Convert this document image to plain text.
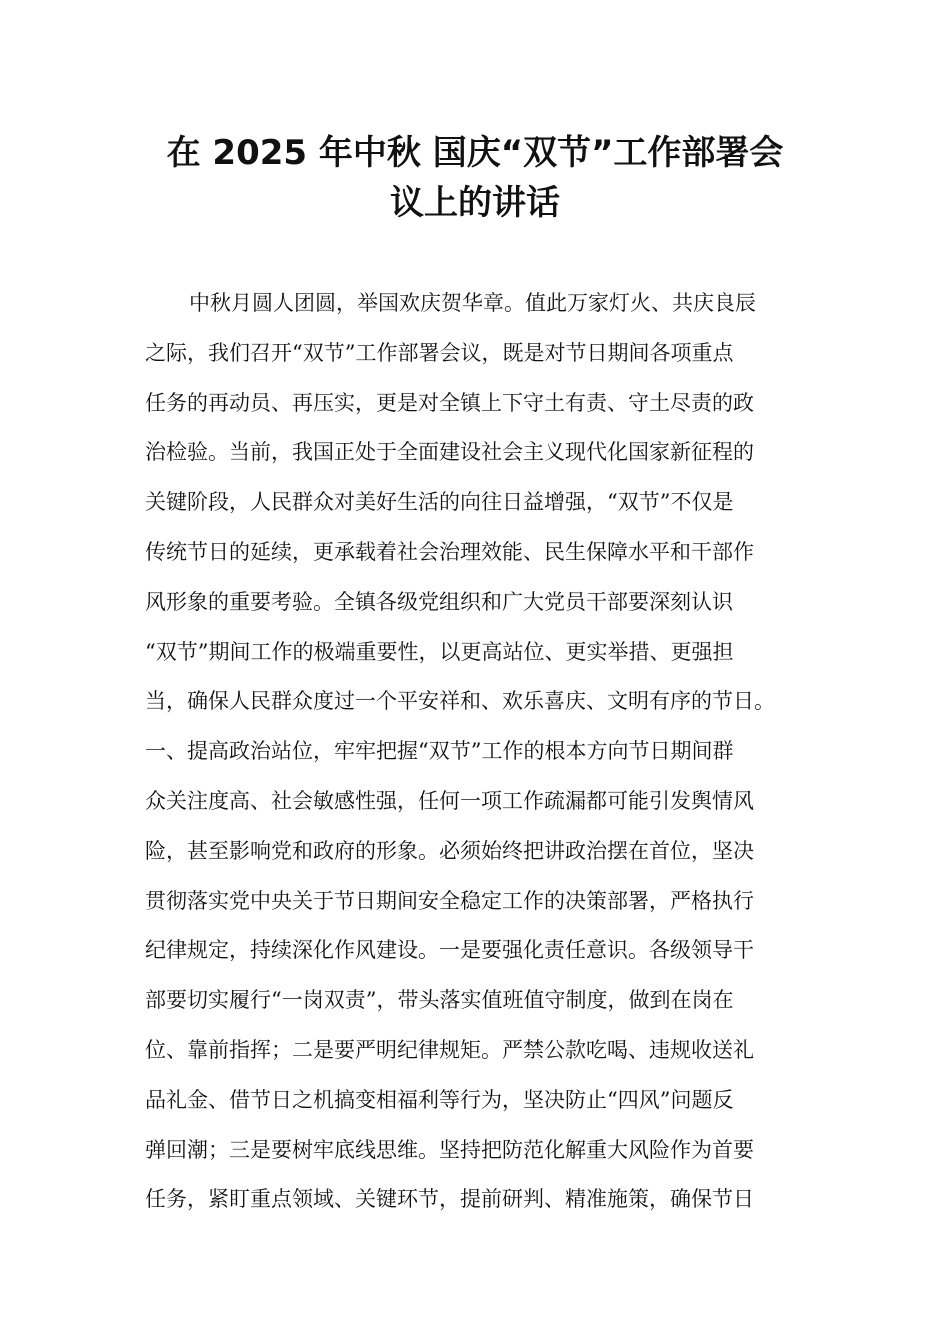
在 2025 年中秋 国庆“双节”工作部署会
议上的讲话
中秋月圆人团圆，举国欢庆贺华章。值此万家灯火、共庆良辰
之际，我们召开“双节”工作部署会议，既是对节日期间各项重点
任务的再动员、再压实，更是对全镇上下守土有责、守土尽责的政
治检验。当前，我国正处于全面建设社会主义现代化国家新征程的
关键阶段，人民群众对美好生活的向往日益增强，“双节”不仅是
传统节日的延续，更承载着社会治理效能、民生保障水平和干部作
风形象的重要考验。全镇各级党组织和广大党员干部要深刻认识
“双节”期间工作的极端重要性，以更高站位、更实举措、更强担
当，确保人民群众度过一个平安祥和、欢乐喜庆、文明有序的节日。
一、提高政治站位，牢牢把握“双节”工作的根本方向节日期间群
众关注度高、社会敏感性强，任何一项工作疏漏都可能引发舆情风
险，甚至影响党和政府的形象。必须始终把讲政治摆在首位，坚决
贯彻落实党中央关于节日期间安全稳定工作的决策部署，严格执行
纪律规定，持续深化作风建设。一是要强化责任意识。各级领导干
部要切实履行“一岗双责”，带头落实值班值守制度，做到在岗在
位、靠前指挥；二是要严明纪律规矩。严禁公款吃喝、违规收送礼
品礼金、借节日之机搞变相福利等行为，坚决防止“四风”问题反
弹回潮；三是要树牢底线思维。坚持把防范化解重大风险作为首要
任务，紧盯重点领域、关键环节，提前研判、精准施策，确保节日
